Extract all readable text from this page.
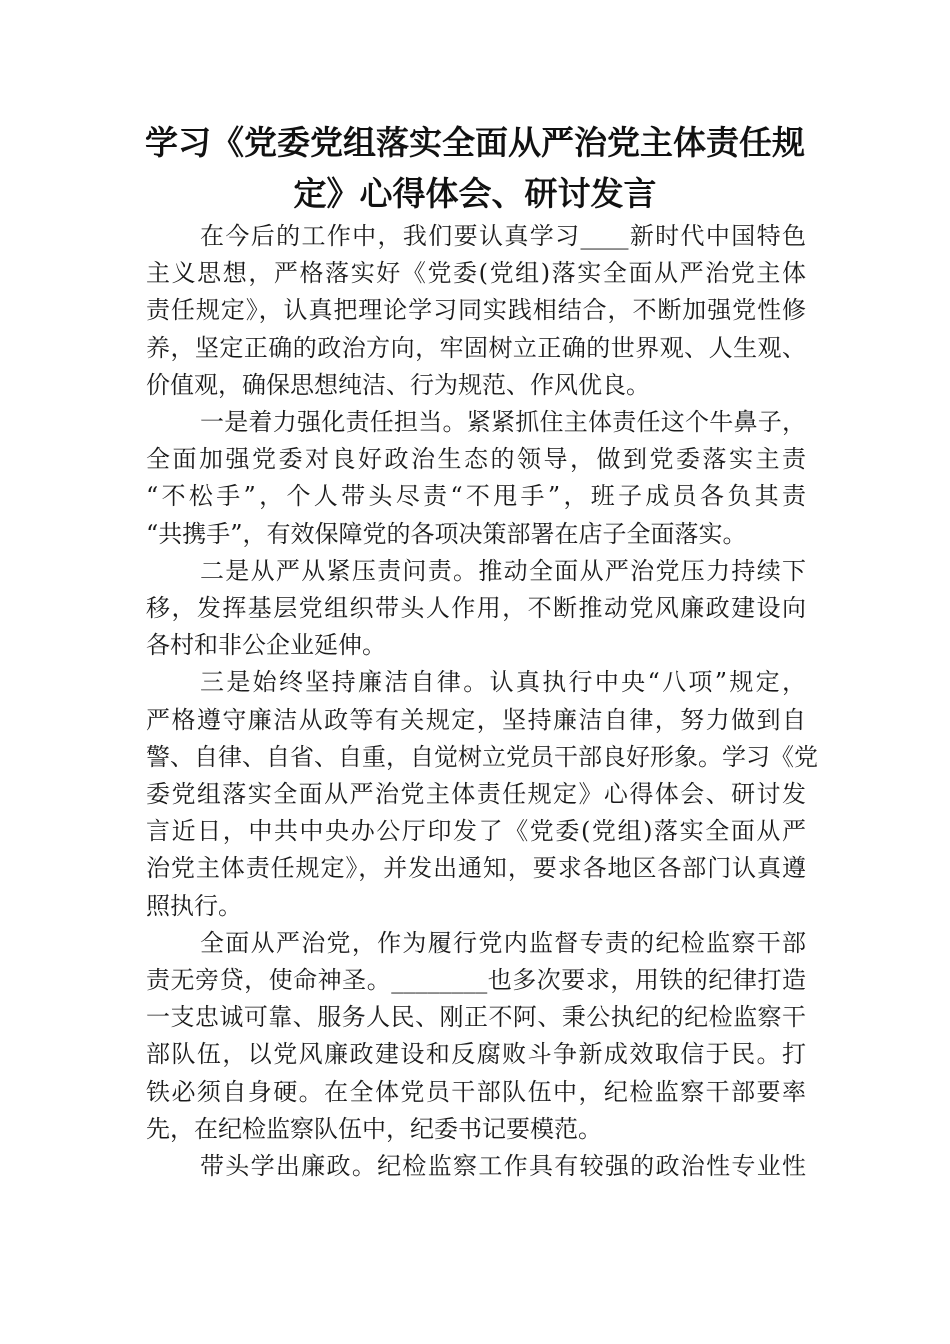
学习《党委党组落实全面从严治党主体责任规
定》心得体会、研讨发言

在今后的工作中，我们要认真学习____新时代中国特色
主义思想，严格落实好《党委(党组)落实全面从严治党主体
责任规定》，认真把理论学习同实践相结合，不断加强党性修
养，坚定正确的政治方向，牢固树立正确的世界观、人生观、
价值观，确保思想纯洁、行为规范、作风优良。

一是着力强化责任担当。紧紧抓住主体责任这个牛鼻子，
全面加强党委对良好政治生态的领导，做到党委落实主责
“不松手”，个人带头尽责“不甩手”，班子成员各负其责
“共携手”，有效保障党的各项决策部署在店子全面落实。

二是从严从紧压责问责。推动全面从严治党压力持续下
移，发挥基层党组织带头人作用，不断推动党风廉政建设向
各村和非公企业延伸。

三是始终坚持廉洁自律。认真执行中央“八项”规定，
严格遵守廉洁从政等有关规定，坚持廉洁自律，努力做到自
警、自律、自省、自重，自觉树立党员干部良好形象。学习《党
委党组落实全面从严治党主体责任规定》心得体会、研讨发
言近日，中共中央办公厅印发了《党委(党组)落实全面从严
治党主体责任规定》，并发出通知，要求各地区各部门认真遵
照执行。

全面从严治党，作为履行党内监督专责的纪检监察干部
责无旁贷，使命神圣。________也多次要求，用铁的纪律打造
一支忠诚可靠、服务人民、刚正不阿、秉公执纪的纪检监察干
部队伍，以党风廉政建设和反腐败斗争新成效取信于民。打
铁必须自身硬。在全体党员干部队伍中，纪检监察干部要率
先，在纪检监察队伍中，纪委书记要模范。

带头学出廉政。纪检监察工作具有较强的政治性专业性
